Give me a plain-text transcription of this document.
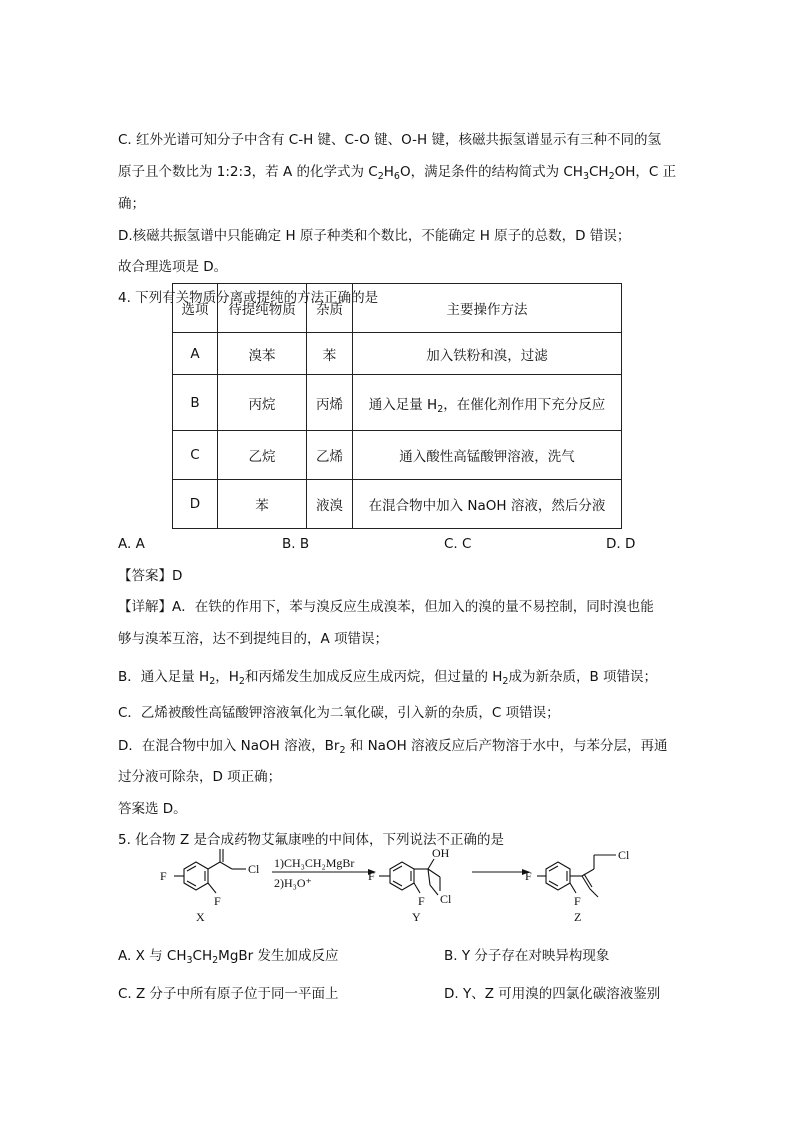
C. 红外光谱可知分子中含有 C-H 键、C-O 键、O-H 键，核磁共振氢谱显示有三种不同的氢
原子且个数比为 1:2:3，若 A 的化学式为 $C_2H_6O$，满足条件的结构简式为 $CH_3CH_2OH$，C 正
确；
D.核磁共振氢谱中只能确定 H 原子种类和个数比，不能确定 H 原子的总数，D 错误；
故合理选项是 D。
4. 下列有关物质分离或提纯的方法正确的是
选项	待提纯物质	杂质	主要操作方法
A	溴苯	苯	加入铁粉和溴，过滤
B	丙烷	丙烯	通入足量 $H_2$，在催化剂作用下充分反应
C	乙烷	乙烯	通入酸性高锰酸钾溶液，洗气
D	苯	液溴	在混合物中加入 NaOH 溶液，然后分液
A. A	B. B	C. C	D. D
【答案】D
【详解】A．在铁的作用下，苯与溴反应生成溴苯，但加入的溴的量不易控制，同时溴也能
够与溴苯互溶，达不到提纯目的，A 项错误；
B．通入足量 $H_2$，$H_2$和丙烯发生加成反应生成丙烷，但过量的 $H_2$成为新杂质，B 项错误；
C．乙烯被酸性高锰酸钾溶液氧化为二氧化碳，引入新的杂质，C 项错误；
D．在混合物中加入 NaOH 溶液，$Br_2$ 和 NaOH 溶液反应后产物溶于水中，与苯分层，再通
过分液可除杂，D 项正确；
答案选 D。
5. 化合物 Z 是合成药物艾氟康唑的中间体，下列说法不正确的是
F
F
Cl
X
1)CH₃CH₂MgBr
2)H₃O⁺	F
F
OH
Cl
Y
F
F
Cl
Z
A. X 与 $CH_3CH_2MgBr$ 发生加成反应	B. Y 分子存在对映异构现象
C. Z 分子中所有原子位于同一平面上	D. Y、Z 可用溴的四氯化碳溶液鉴别
